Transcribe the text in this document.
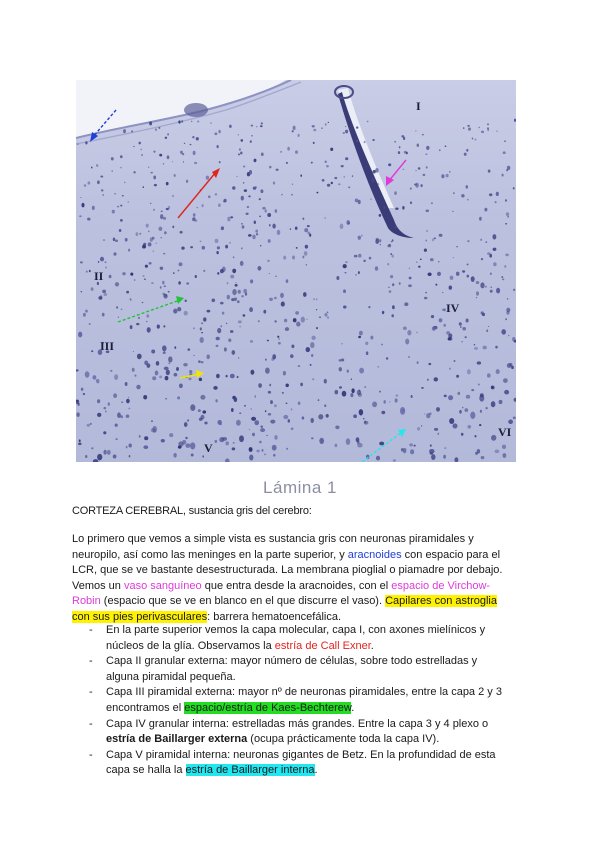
I
II
III
IV
V
VI
Lámina 1
CORTEZA CEREBRAL, sustancia gris del cerebro:
Lo primero que vemos a simple vista es sustancia gris con neuronas piramidales y neuropilo, así como las meninges en la parte superior, y aracnoides con espacio para el LCR, que se ve bastante desestructurada. La membrana pioglial o piamadre por debajo. Vemos un vaso sanguíneo que entra desde la aracnoides, con el espacio de Virchow-Robin (espacio que se ve en blanco en el que discurre el vaso). Capilares con astroglia con sus pies perivasculares: barrera hematoencefálica.
- En la parte superior vemos la capa molecular, capa I, con axones mielínicos y núcleos de la glía. Observamos la estría de Call Exner.
- Capa II granular externa: mayor número de células, sobre todo estrelladas y alguna piramidal pequeña.
- Capa III piramidal externa: mayor nº de neuronas piramidales, entre la capa 2 y 3 encontramos el espacio/estría de Kaes-Bechterew.
- Capa IV granular interna: estrelladas más grandes. Entre la capa 3 y 4 plexo o estría de Baillarger externa (ocupa prácticamente toda la capa IV).
- Capa V piramidal interna: neuronas gigantes de Betz. En la profundidad de esta capa se halla la estría de Baillarger interna.
